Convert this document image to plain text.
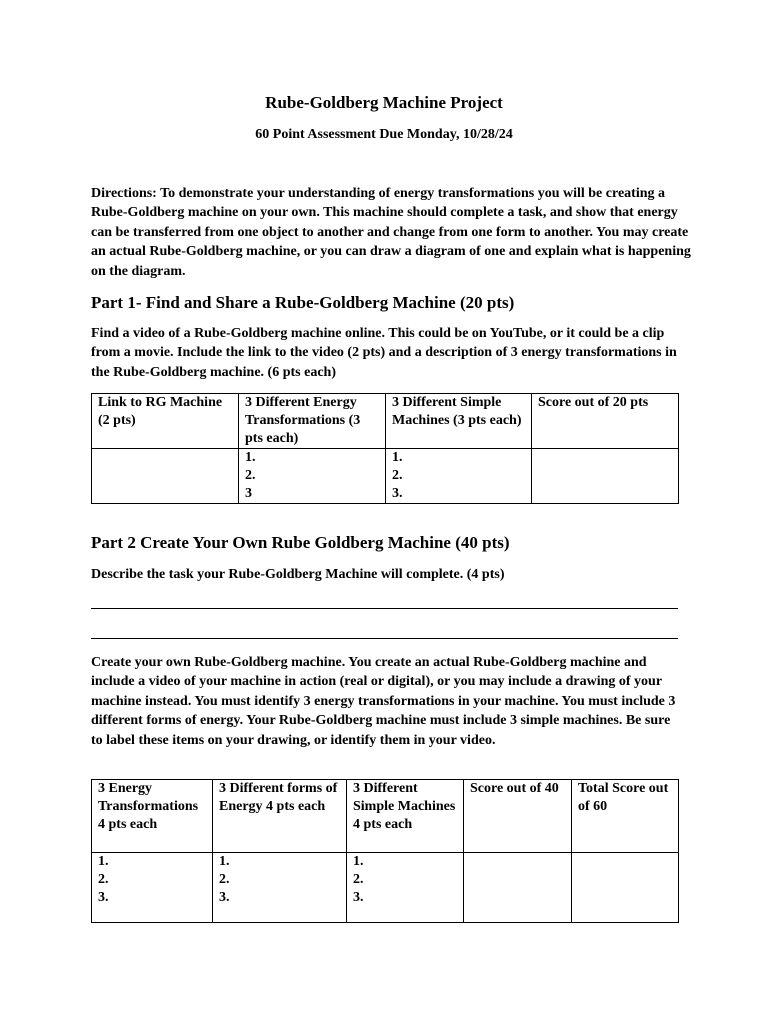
Rube-Goldberg Machine Project
60 Point Assessment Due Monday, 10/28/24
Directions: To demonstrate your understanding of energy transformations you will be creating a Rube-Goldberg machine on your own. This machine should complete a task, and show that energy can be transferred from one object to another and change from one form to another. You may create an actual Rube-Goldberg machine, or you can draw a diagram of one and explain what is happening on the diagram.
Part 1- Find and Share a Rube-Goldberg Machine (20 pts)
Find a video of a Rube-Goldberg machine online. This could be on YouTube, or it could be a clip from a movie. Include the link to the video (2 pts) and a description of 3 energy transformations in the Rube-Goldberg machine. (6 pts each)
Link to RG Machine (2 pts)	3 Different Energy Transformations (3 pts each)	3 Different Simple Machines (3 pts each)	Score out of 20 pts

	1.
2.
3	1.
2.
3.	

Part 2 Create Your Own Rube Goldberg Machine (40 pts)
Describe the task your Rube-Goldberg Machine will complete. (4 pts)
Create your own Rube-Goldberg machine. You create an actual Rube-Goldberg machine and include a video of your machine in action (real or digital), or you may include a drawing of your machine instead. You must identify 3 energy transformations in your machine. You must include 3 different forms of energy. Your Rube-Goldberg machine must include 3 simple machines. Be sure to label these items on your drawing, or identify them in your video.
3 Energy Transformations 4 pts each	3 Different forms of Energy 4 pts each	3 Different Simple Machines 4 pts each	Score out of 40	Total Score out of 60

1.
2.
3.	1.
2.
3.	1.
2.
3.		
